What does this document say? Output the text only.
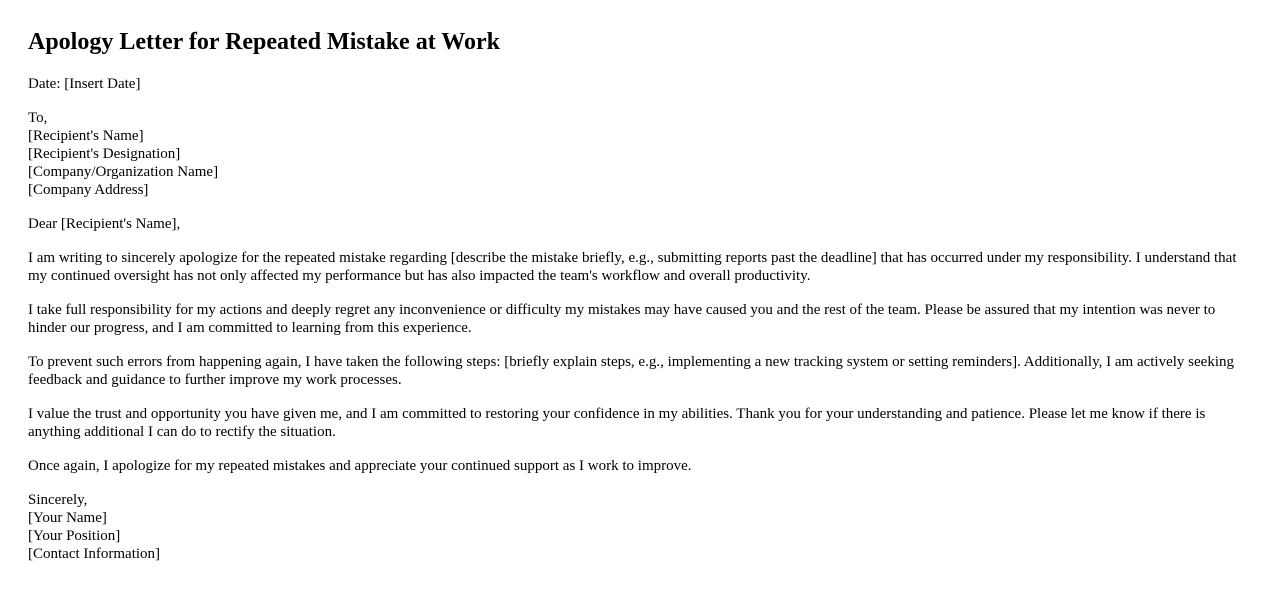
Apology Letter for Repeated Mistake at Work

Date: [Insert Date]

To,
[Recipient's Name]
[Recipient's Designation]
[Company/Organization Name]
[Company Address]

Dear [Recipient's Name],

I am writing to sincerely apologize for the repeated mistake regarding [describe the mistake briefly, e.g., submitting reports past the deadline] that has occurred under my responsibility. I understand that my continued oversight has not only affected my performance but has also impacted the team's workflow and overall productivity.

I take full responsibility for my actions and deeply regret any inconvenience or difficulty my mistakes may have caused you and the rest of the team. Please be assured that my intention was never to hinder our progress, and I am committed to learning from this experience.

To prevent such errors from happening again, I have taken the following steps: [briefly explain steps, e.g., implementing a new tracking system or setting reminders]. Additionally, I am actively seeking feedback and guidance to further improve my work processes.

I value the trust and opportunity you have given me, and I am committed to restoring your confidence in my abilities. Thank you for your understanding and patience. Please let me know if there is anything additional I can do to rectify the situation.

Once again, I apologize for my repeated mistakes and appreciate your continued support as I work to improve.

Sincerely,
[Your Name]
[Your Position]
[Contact Information]
